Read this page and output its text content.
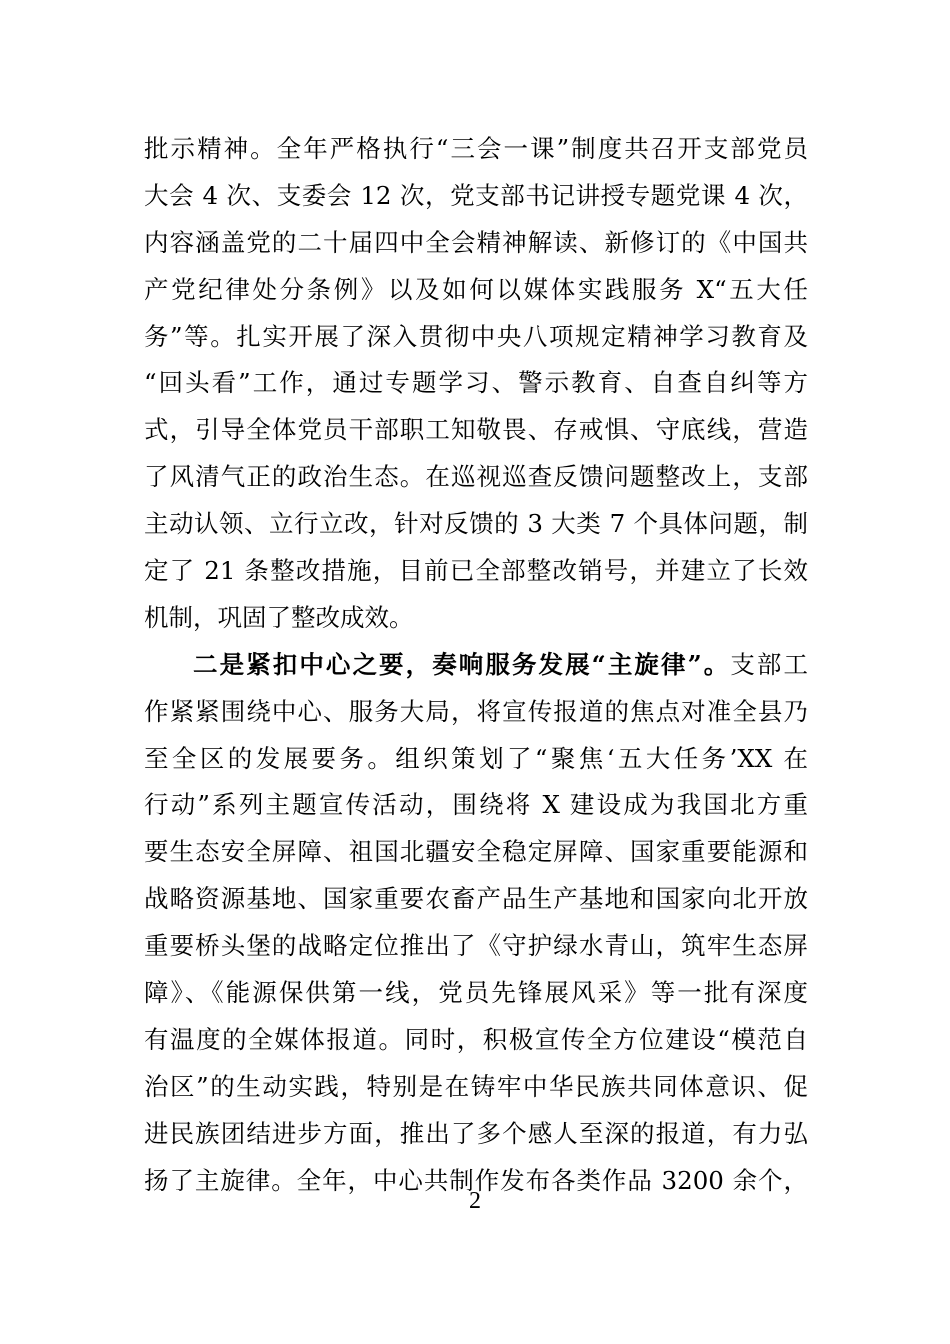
批示精神。全年严格执行“三会一课”制度共召开支部党员
大会 4 次、支委会 12 次，党支部书记讲授专题党课 4 次，
内容涵盖党的二十届四中全会精神解读、新修订的《中国共
产党纪律处分条例》以及如何以媒体实践服务 X“五大任
务”等。扎实开展了深入贯彻中央八项规定精神学习教育及
“回头看”工作，通过专题学习、警示教育、自查自纠等方
式，引导全体党员干部职工知敬畏、存戒惧、守底线，营造
了风清气正的政治生态。在巡视巡查反馈问题整改上，支部
主动认领、立行立改，针对反馈的 3 大类 7 个具体问题，制
定了 21 条整改措施，目前已全部整改销号，并建立了长效
机制，巩固了整改成效。
二是紧扣中心之要，奏响服务发展“主旋律”。支部工
作紧紧围绕中心、服务大局，将宣传报道的焦点对准全县乃
至全区的发展要务。组织策划了“聚焦‘五大任务’XX 在
行动”系列主题宣传活动，围绕将 X 建设成为我国北方重
要生态安全屏障、祖国北疆安全稳定屏障、国家重要能源和
战略资源基地、国家重要农畜产品生产基地和国家向北开放
重要桥头堡的战略定位推出了《守护绿水青山，筑牢生态屏
障》、《能源保供第一线，党员先锋展风采》等一批有深度
有温度的全媒体报道。同时，积极宣传全方位建设“模范自
治区”的生动实践，特别是在铸牢中华民族共同体意识、促
进民族团结进步方面，推出了多个感人至深的报道，有力弘
扬了主旋律。全年，中心共制作发布各类作品 3200 余个，
2
